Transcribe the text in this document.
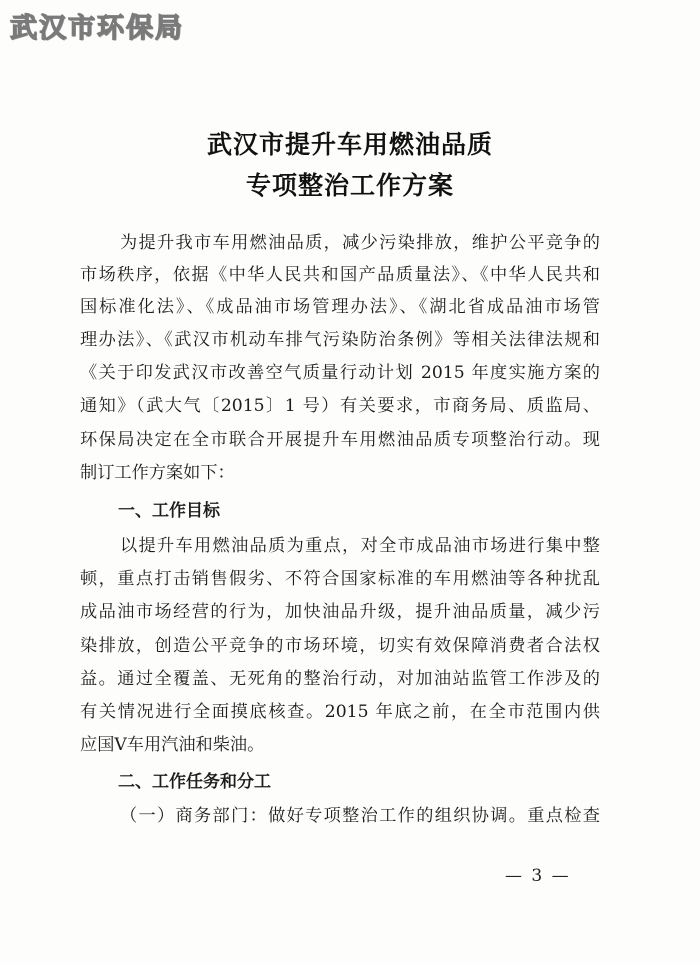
武汉市环保局
武汉市提升车用燃油品质
专项整治工作方案
为提升我市车用燃油品质，减少污染排放，维护公平竞争的
市场秩序，依据《中华人民共和国产品质量法》、《中华人民共和
国标准化法》、《成品油市场管理办法》、《湖北省成品油市场管
理办法》、《武汉市机动车排气污染防治条例》等相关法律法规和
《关于印发武汉市改善空气质量行动计划 2015 年度实施方案的
通知》（武大气〔2015〕1 号）有关要求，市商务局、质监局、
环保局决定在全市联合开展提升车用燃油品质专项整治行动。现
制订工作方案如下：
一、工作目标
以提升车用燃油品质为重点，对全市成品油市场进行集中整
顿，重点打击销售假劣、不符合国家标准的车用燃油等各种扰乱
成品油市场经营的行为，加快油品升级，提升油品质量，减少污
染排放，创造公平竞争的市场环境，切实有效保障消费者合法权
益。通过全覆盖、无死角的整治行动，对加油站监管工作涉及的
有关情况进行全面摸底核查。2015 年底之前，在全市范围内供
应国Ⅴ车用汽油和柴油。
二、工作任务和分工
（一）商务部门：做好专项整治工作的组织协调。重点检查
— 3 —
